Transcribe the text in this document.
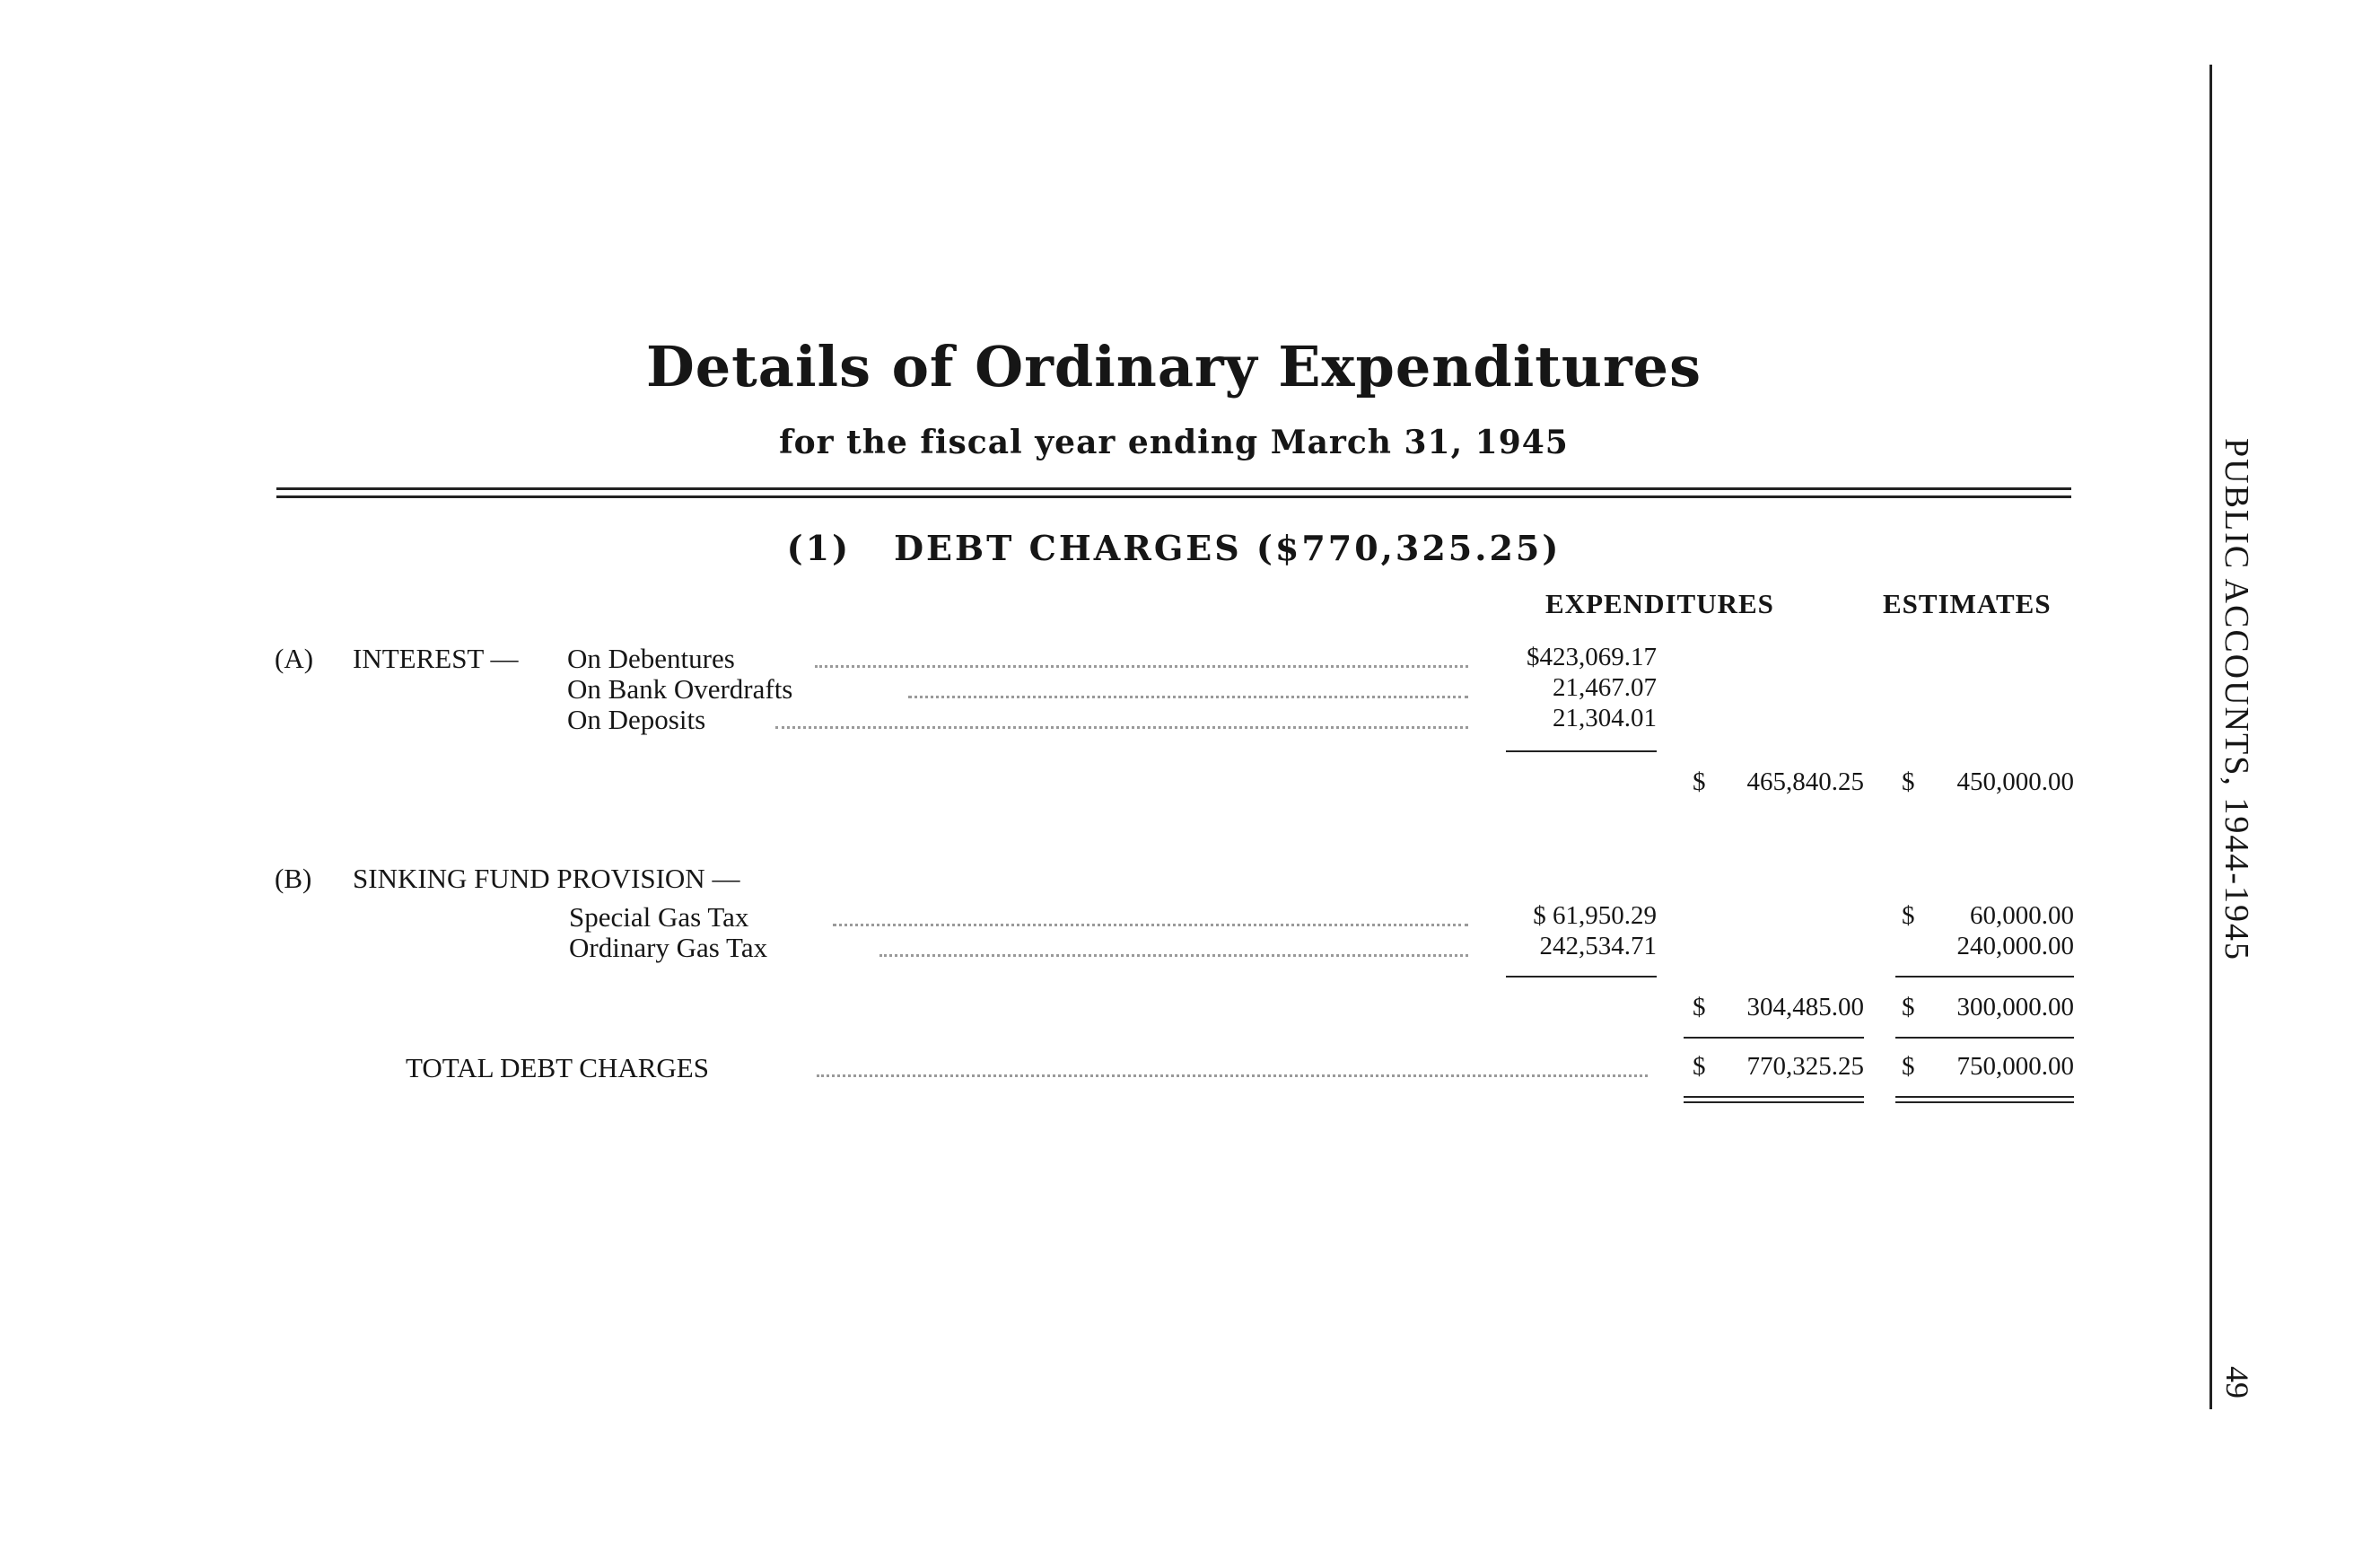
Details of Ordinary Expenditures
for the fiscal year ending March 31, 1945
(1) DEBT CHARGES ($770,325.25)
EXPENDITURES	ESTIMATES
(A) INTEREST — On Debentures	$423,069.17
On Bank Overdrafts	21,467.07
On Deposits	21,304.01
$ 465,840.25 $ 450,000.00
(B) SINKING FUND PROVISION —
Special Gas Tax	$ 61,950.29	$ 60,000.00
Ordinary Gas Tax	242,534.71	240,000.00
$ 304,485.00 $ 300,000.00
TOTAL DEBT CHARGES	$ 770,325.25 $ 750,000.00
PUBLIC ACCOUNTS, 1944-1945
49
